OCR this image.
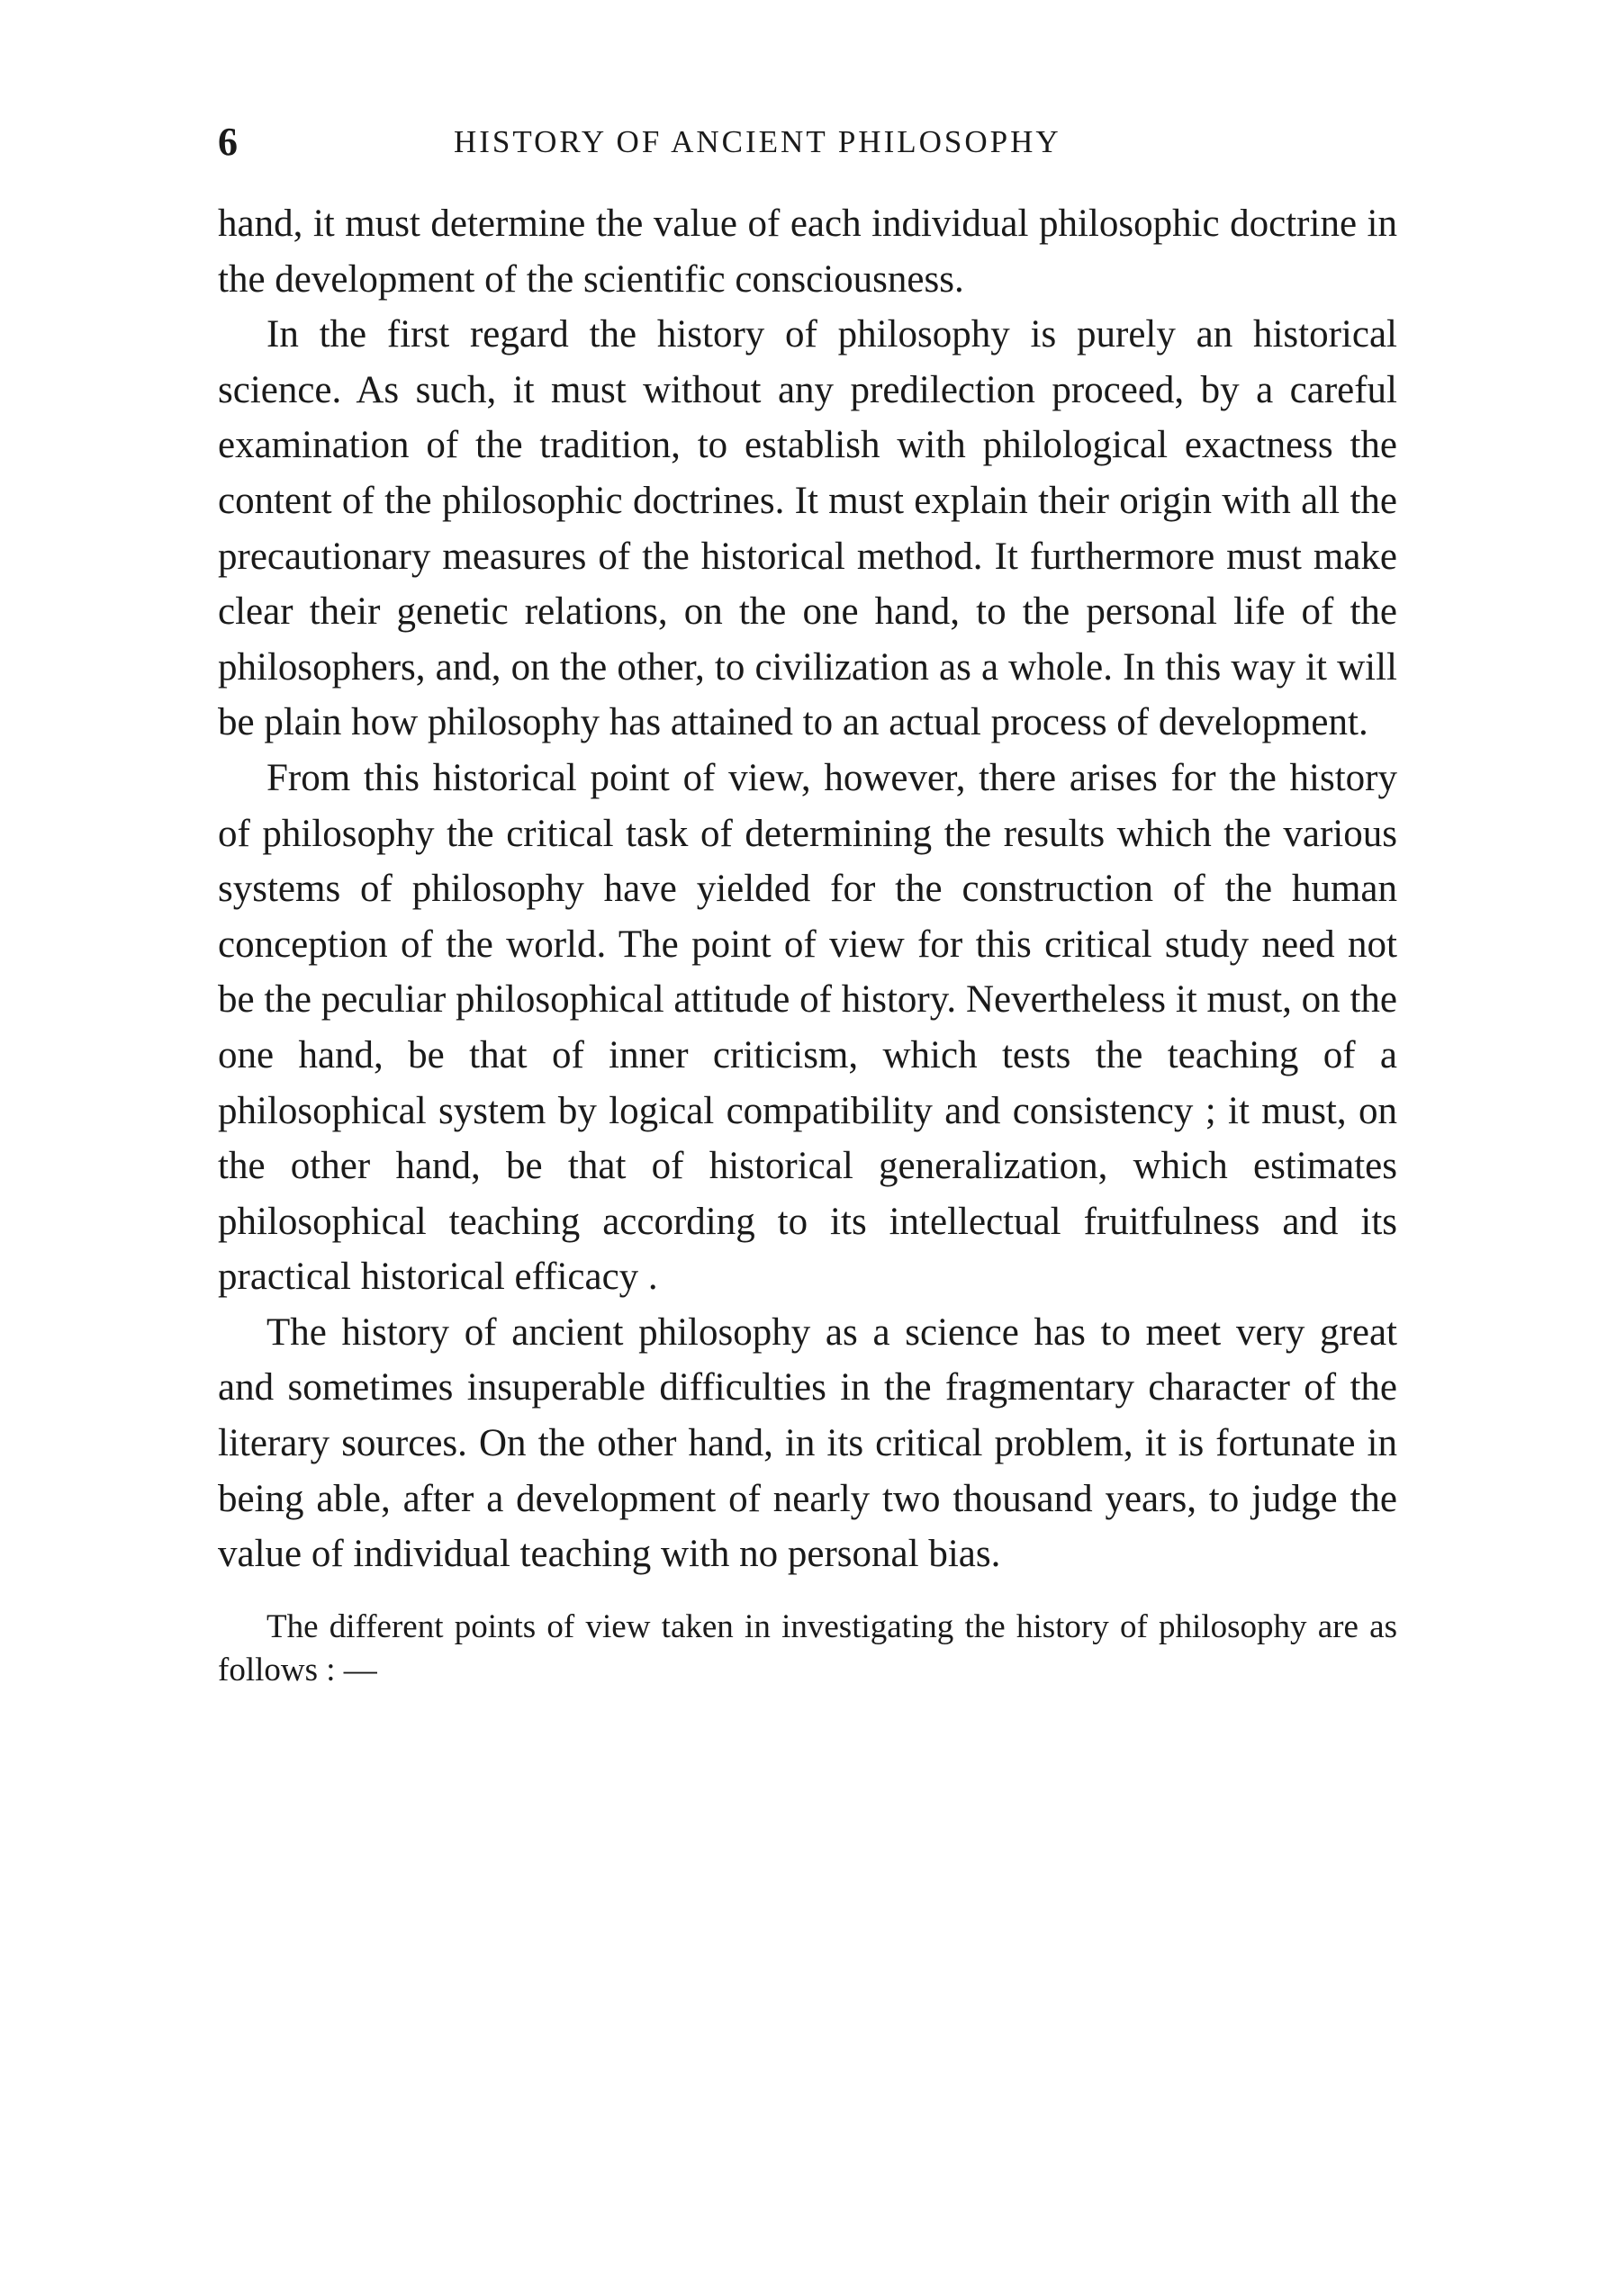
6	HISTORY OF ANCIENT PHILOSOPHY

hand, it must determine the value of each individual philosophic doctrine in the development of the scientific consciousness.

In the first regard the history of philosophy is purely an historical science. As such, it must without any predilection proceed, by a careful examination of the tradition, to establish with philological exactness the content of the philosophic doctrines. It must explain their origin with all the precautionary measures of the historical method. It furthermore must make clear their genetic relations, on the one hand, to the personal life of the philosophers, and, on the other, to civilization as a whole. In this way it will be plain how philosophy has attained to an actual process of development.

From this historical point of view, however, there arises for the history of philosophy the critical task of determining the results which the various systems of philosophy have yielded for the construction of the human conception of the world. The point of view for this critical study need not be the peculiar philosophical attitude of history. Nevertheless it must, on the one hand, be that of inner criticism, which tests the teaching of a philosophical system by logical compatibility and consistency ; it must, on the other hand, be that of historical generalization, which estimates philosophical teaching according to its intellectual fruitfulness and its practical historical efficacy .

The history of ancient philosophy as a science has to meet very great and sometimes insuperable difficulties in the fragmentary character of the literary sources. On the other hand, in its critical problem, it is fortunate in being able, after a development of nearly two thousand years, to judge the value of individual teaching with no personal bias.

The different points of view taken in investigating the history of philosophy are as follows : —
